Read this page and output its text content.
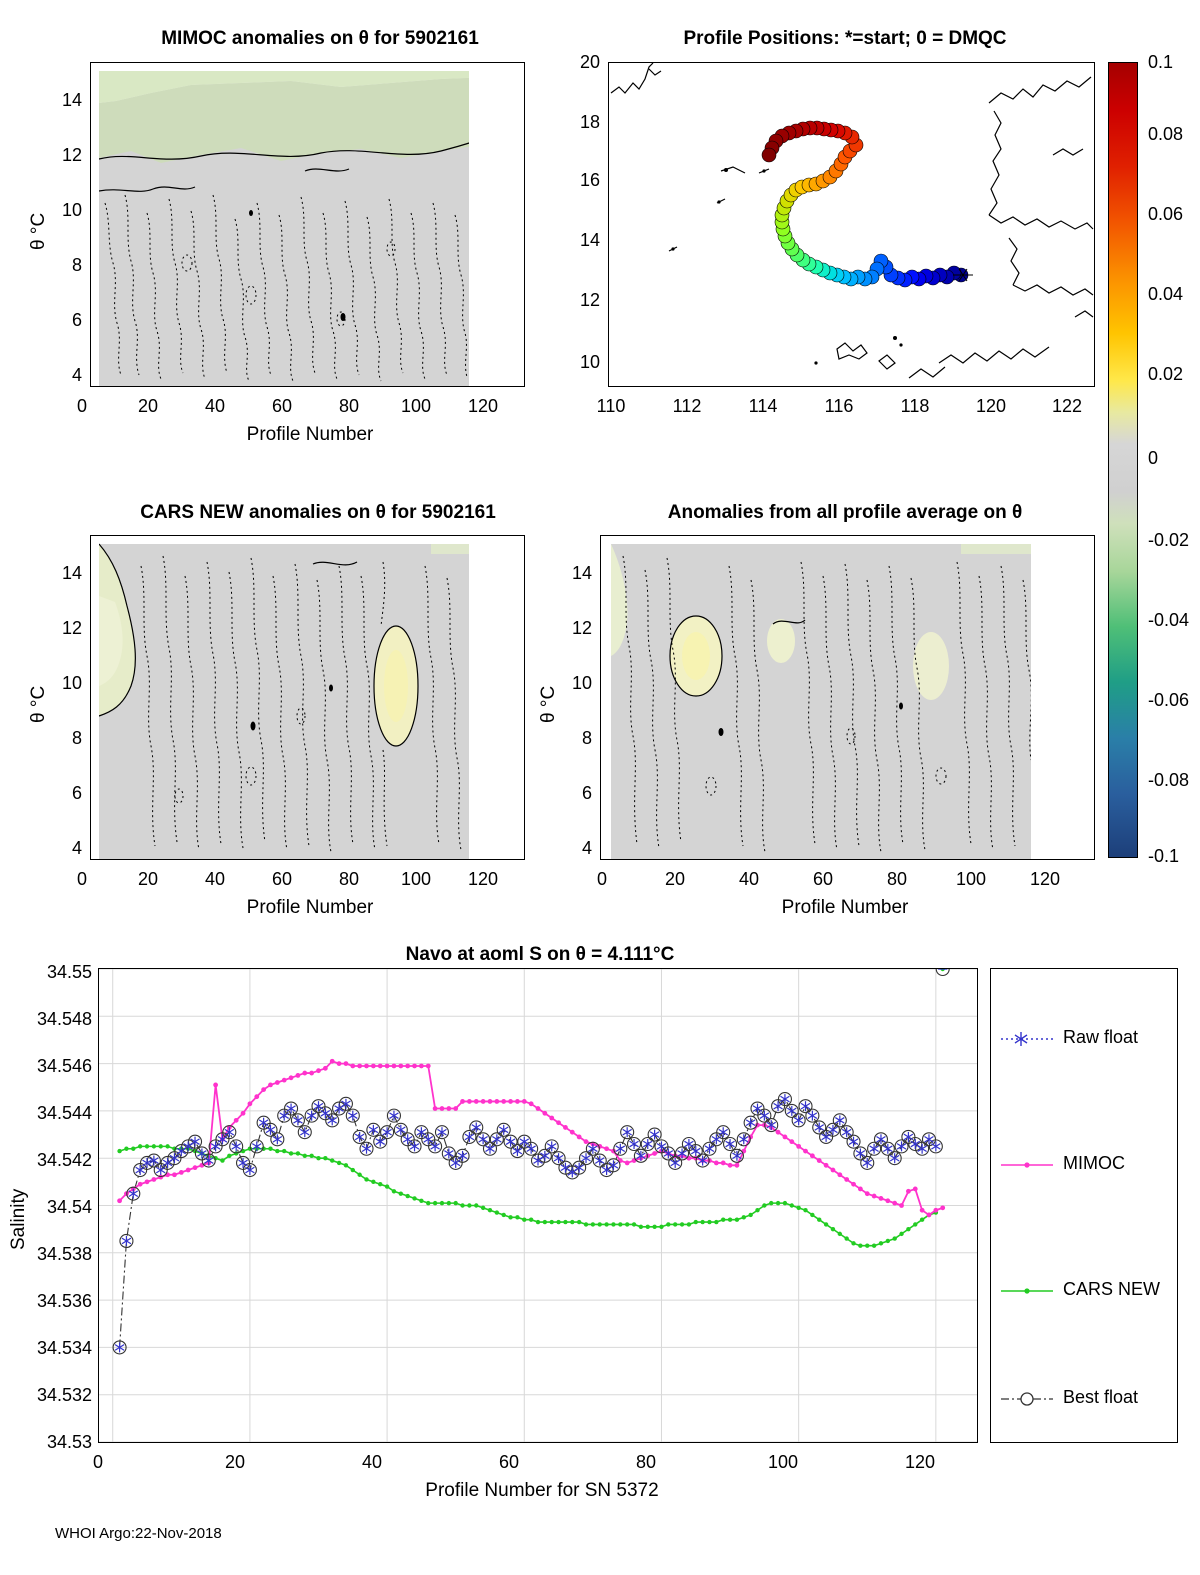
MIMOC anomalies on θ for 5902161
0	20	40	60	80	100 120
4
6
8
10
12
14
Profile Number
θ °C
Profile Positions: *=start; 0 = DMQC
110	112	114	116	118	120	122
10
12
14
16
18
20	0.1
0.08
0.06
0.04
0.02
0
-0.02
-0.04
-0.06
-0.08
-0.1
CARS NEW anomalies on θ for 5902161
0	20	40	60	80	100 120
4
6
8
10
12
14
Profile Number
θ °C
Anomalies from all profile average on θ
0	20	40	60	80	100 120
4
6
8
10
12
14
Profile Number
θ °C
Navo at aoml S on θ = 4.111°C
0	20	40	60	80	100	120
34.53
34.532
34.534
34.536
34.538
34.54
34.542
34.544
34.546
34.548
34.55
Profile Number for SN 5372
Salinity
Raw float
MIMOC
CARS NEW
Best float
WHOI Argo:22-Nov-2018
